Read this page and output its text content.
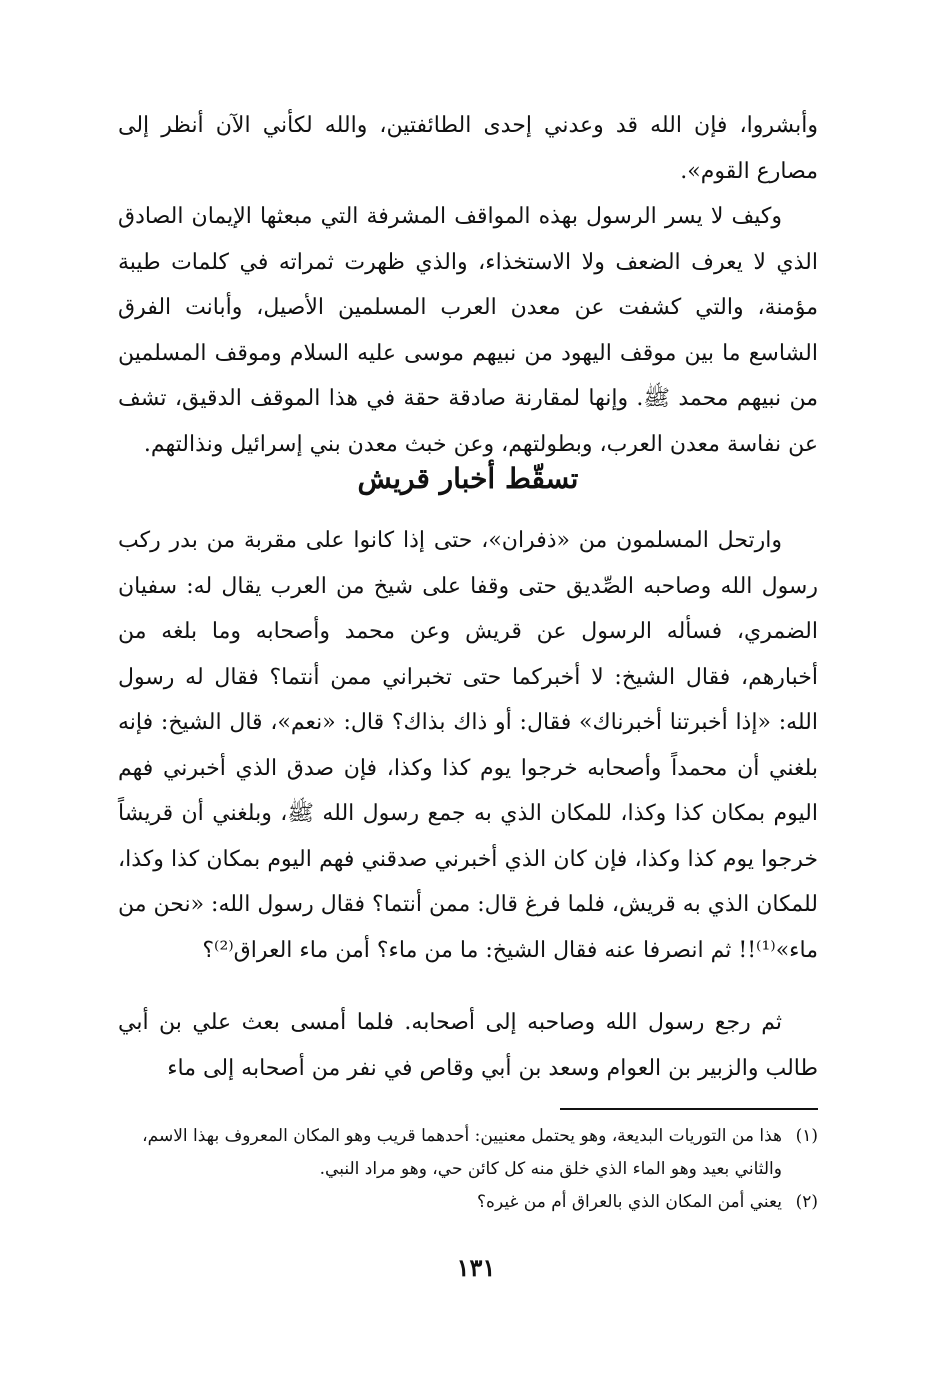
وأبشروا، فإن الله قد وعدني إحدى الطائفتين، والله لكأني الآن أنظر إلى مصارع القوم».

وكيف لا يسر الرسول بهذه المواقف المشرفة التي مبعثها الإيمان الصادق الذي لا يعرف الضعف ولا الاستخذاء، والذي ظهرت ثمراته في كلمات طيبة مؤمنة، والتي كشفت عن معدن العرب المسلمين الأصيل، وأبانت الفرق الشاسع ما بين موقف اليهود من نبيهم موسى عليه السلام وموقف المسلمين من نبيهم محمد ﷺ. وإنها لمقارنة صادقة حقة في هذا الموقف الدقيق، تشف عن نفاسة معدن العرب، وبطولتهم، وعن خبث معدن بني إسرائيل ونذالتهم.

تسقّط أخبار قريش

وارتحل المسلمون من «ذفران»، حتى إذا كانوا على مقربة من بدر ركب رسول الله وصاحبه الصِّديق حتى وقفا على شيخ من العرب يقال له: سفيان الضمري، فسأله الرسول عن قريش وعن محمد وأصحابه وما بلغه من أخبارهم، فقال الشيخ: لا أخبركما حتى تخبراني ممن أنتما؟ فقال له رسول الله: «إذا أخبرتنا أخبرناك» فقال: أو ذاك بذاك؟ قال: «نعم»، قال الشيخ: فإنه بلغني أن محمداً وأصحابه خرجوا يوم كذا وكذا، فإن صدق الذي أخبرني فهم اليوم بمكان كذا وكذا، للمكان الذي به جمع رسول الله ﷺ، وبلغني أن قريشاً خرجوا يوم كذا وكذا، فإن كان الذي أخبرني صدقني فهم اليوم بمكان كذا وكذا، للمكان الذي به قريش، فلما فرغ قال: ممن أنتما؟ فقال رسول الله: «نحن من ماء»⁽¹⁾!! ثم انصرفا عنه فقال الشيخ: ما من ماء؟ أمن ماء العراق⁽²⁾؟

ثم رجع رسول الله وصاحبه إلى أصحابه. فلما أمسى بعث علي بن أبي طالب والزبير بن العوام وسعد بن أبي وقاص في نفر من أصحابه إلى ماء

(١)هذا من التوريات البديعة، وهو يحتمل معنيين: أحدهما قريب وهو المكان المعروف بهذا الاسم، والثاني بعيد وهو الماء الذي خلق منه كل كائن حي، وهو مراد النبي.

(٢)يعني أمن المكان الذي بالعراق أم من غيره؟

١٣١
